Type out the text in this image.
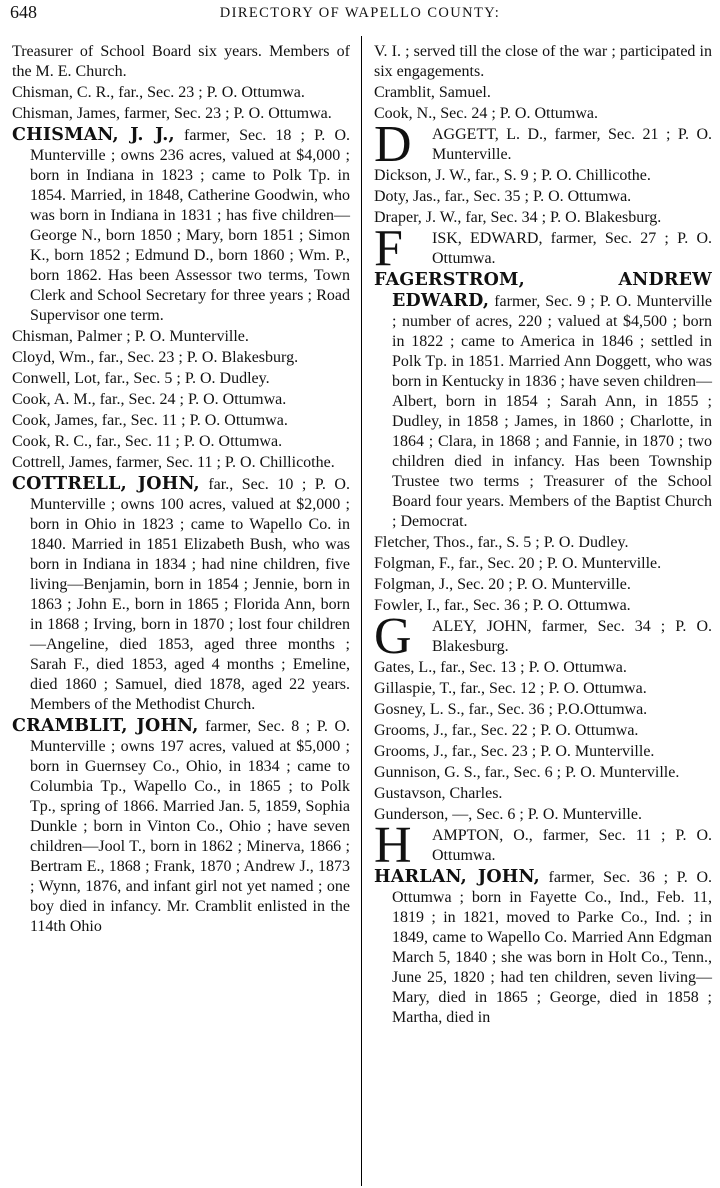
648	DIRECTORY OF WAPELLO COUNTY:
Treasurer of School Board six years. Members of the M. E. Church.
Chisman, C. R., far., Sec. 23 ; P. O. Ottumwa.
Chisman, James, farmer, Sec. 23 ; P. O. Ottumwa.
CHISMAN, J. J., farmer, Sec. 18 ; P. O. Munterville ; owns 236 acres, valued at $4,000 ; born in Indiana in 1823 ; came to Polk Tp. in 1854. Married, in 1848, Catherine Goodwin, who was born in Indiana in 1831 ; has five children—George N., born 1850 ; Mary, born 1851 ; Simon K., born 1852 ; Edmund D., born 1860 ; Wm. P., born 1862. Has been Assessor two terms, Town Clerk and School Secretary for three years ; Road Supervisor one term.
Chisman, Palmer ; P. O. Munterville.
Cloyd, Wm., far., Sec. 23 ; P. O. Blakesburg.
Conwell, Lot, far., Sec. 5 ; P. O. Dudley.
Cook, A. M., far., Sec. 24 ; P. O. Ottumwa.
Cook, James, far., Sec. 11 ; P. O. Ottumwa.
Cook, R. C., far., Sec. 11 ; P. O. Ottumwa.
Cottrell, James, farmer, Sec. 11 ; P. O. Chillicothe.
COTTRELL, JOHN, far., Sec. 10 ; P. O. Munterville ; owns 100 acres, valued at $2,000 ; born in Ohio in 1823 ; came to Wapello Co. in 1840. Married in 1851 Elizabeth Bush, who was born in Indiana in 1834 ; had nine children, five living—Benjamin, born in 1854 ; Jennie, born in 1863 ; John E., born in 1865 ; Florida Ann, born in 1868 ; Irving, born in 1870 ; lost four children—Angeline, died 1853, aged three months ; Sarah F., died 1853, aged 4 months ; Emeline, died 1860 ; Samuel, died 1878, aged 22 years. Members of the Methodist Church.
CRAMBLIT, JOHN, farmer, Sec. 8 ; P. O. Munterville ; owns 197 acres, valued at $5,000 ; born in Guernsey Co., Ohio, in 1834 ; came to Columbia Tp., Wapello Co., in 1865 ; to Polk Tp., spring of 1866. Married Jan. 5, 1859, Sophia Dunkle ; born in Vinton Co., Ohio ; have seven children—Jool T., born in 1862 ; Minerva, 1866 ; Bertram E., 1868 ; Frank, 1870 ; Andrew J., 1873 ; Wynn, 1876, and infant girl not yet named ; one boy died in infancy. Mr. Cramblit enlisted in the 114th Ohio
V. I. ; served till the close of the war ; participated in six engagements.
Cramblit, Samuel.
Cook, N., Sec. 24 ; P. O. Ottumwa.
D AGGETT, L. D., farmer, Sec. 21 ; P. O. Munterville.
Dickson, J. W., far., S. 9 ; P. O. Chillicothe.
Doty, Jas., far., Sec. 35 ; P. O. Ottumwa.
Draper, J. W., far, Sec. 34 ; P. O. Blakesburg.
F ISK, EDWARD, farmer, Sec. 27 ; P. O. Ottumwa.
FAGERSTROM, ANDREW EDWARD, farmer, Sec. 9 ; P. O. Munterville ; number of acres, 220 ; valued at $4,500 ; born in 1822 ; came to America in 1846 ; settled in Polk Tp. in 1851. Married Ann Doggett, who was born in Kentucky in 1836 ; have seven children—Albert, born in 1854 ; Sarah Ann, in 1855 ; Dudley, in 1858 ; James, in 1860 ; Charlotte, in 1864 ; Clara, in 1868 ; and Fannie, in 1870 ; two children died in infancy. Has been Township Trustee two terms ; Treasurer of the School Board four years. Members of the Baptist Church ; Democrat.
Fletcher, Thos., far., S. 5 ; P. O. Dudley.
Folgman, F., far., Sec. 20 ; P. O. Munterville.
Folgman, J., Sec. 20 ; P. O. Munterville.
Fowler, I., far., Sec. 36 ; P. O. Ottumwa.
G ALEY, JOHN, farmer, Sec. 34 ; P. O. Blakesburg.
Gates, L., far., Sec. 13 ; P. O. Ottumwa.
Gillaspie, T., far., Sec. 12 ; P. O. Ottumwa.
Gosney, L. S., far., Sec. 36 ; P.O.Ottumwa.
Grooms, J., far., Sec. 22 ; P. O. Ottumwa.
Grooms, J., far., Sec. 23 ; P. O. Munterville.
Gunnison, G. S., far., Sec. 6 ; P. O. Munterville.
Gustavson, Charles.
Gunderson, —, Sec. 6 ; P. O. Munterville.
H AMPTON, O., farmer, Sec. 11 ; P. O. Ottumwa.
HARLAN, JOHN, farmer, Sec. 36 ; P. O. Ottumwa ; born in Fayette Co., Ind., Feb. 11, 1819 ; in 1821, moved to Parke Co., Ind. ; in 1849, came to Wapello Co. Married Ann Edgman March 5, 1840 ; she was born in Holt Co., Tenn., June 25, 1820 ; had ten children, seven living—Mary, died in 1865 ; George, died in 1858 ; Martha, died in
